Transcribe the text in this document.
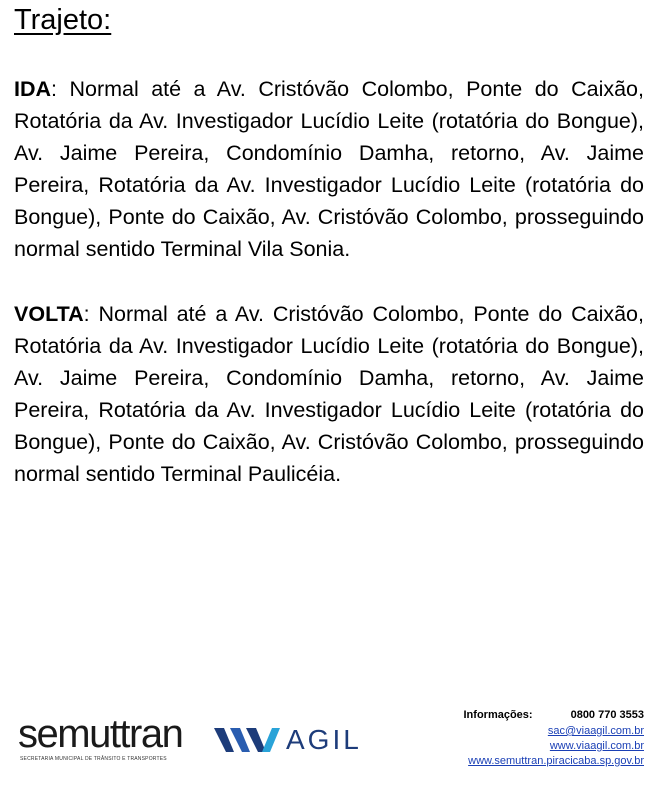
Trajeto:
IDA: Normal até a Av. Cristóvão Colombo, Ponte do Caixão, Rotatória da Av. Investigador Lucídio Leite (rotatória do Bongue), Av. Jaime Pereira, Condomínio Damha, retorno, Av. Jaime Pereira, Rotatória da Av. Investigador Lucídio Leite (rotatória do Bongue), Ponte do Caixão, Av. Cristóvão Colombo, prosseguindo normal sentido Terminal Vila Sonia.
VOLTA: Normal até a Av. Cristóvão Colombo, Ponte do Caixão, Rotatória da Av. Investigador Lucídio Leite (rotatória do Bongue), Av. Jaime Pereira, Condomínio Damha, retorno, Av. Jaime Pereira, Rotatória da Av. Investigador Lucídio Leite (rotatória do Bongue), Ponte do Caixão, Av. Cristóvão Colombo, prosseguindo normal sentido Terminal Paulicéia.
semuttran
SECRETARIA MUNICIPAL DE TRÂNSITO E TRANSPORTES
AGIL
Informações:	0800 770 3553
sac@viaagil.com.br
www.viaagil.com.br
www.semuttran.piracicaba.sp.gov.br
